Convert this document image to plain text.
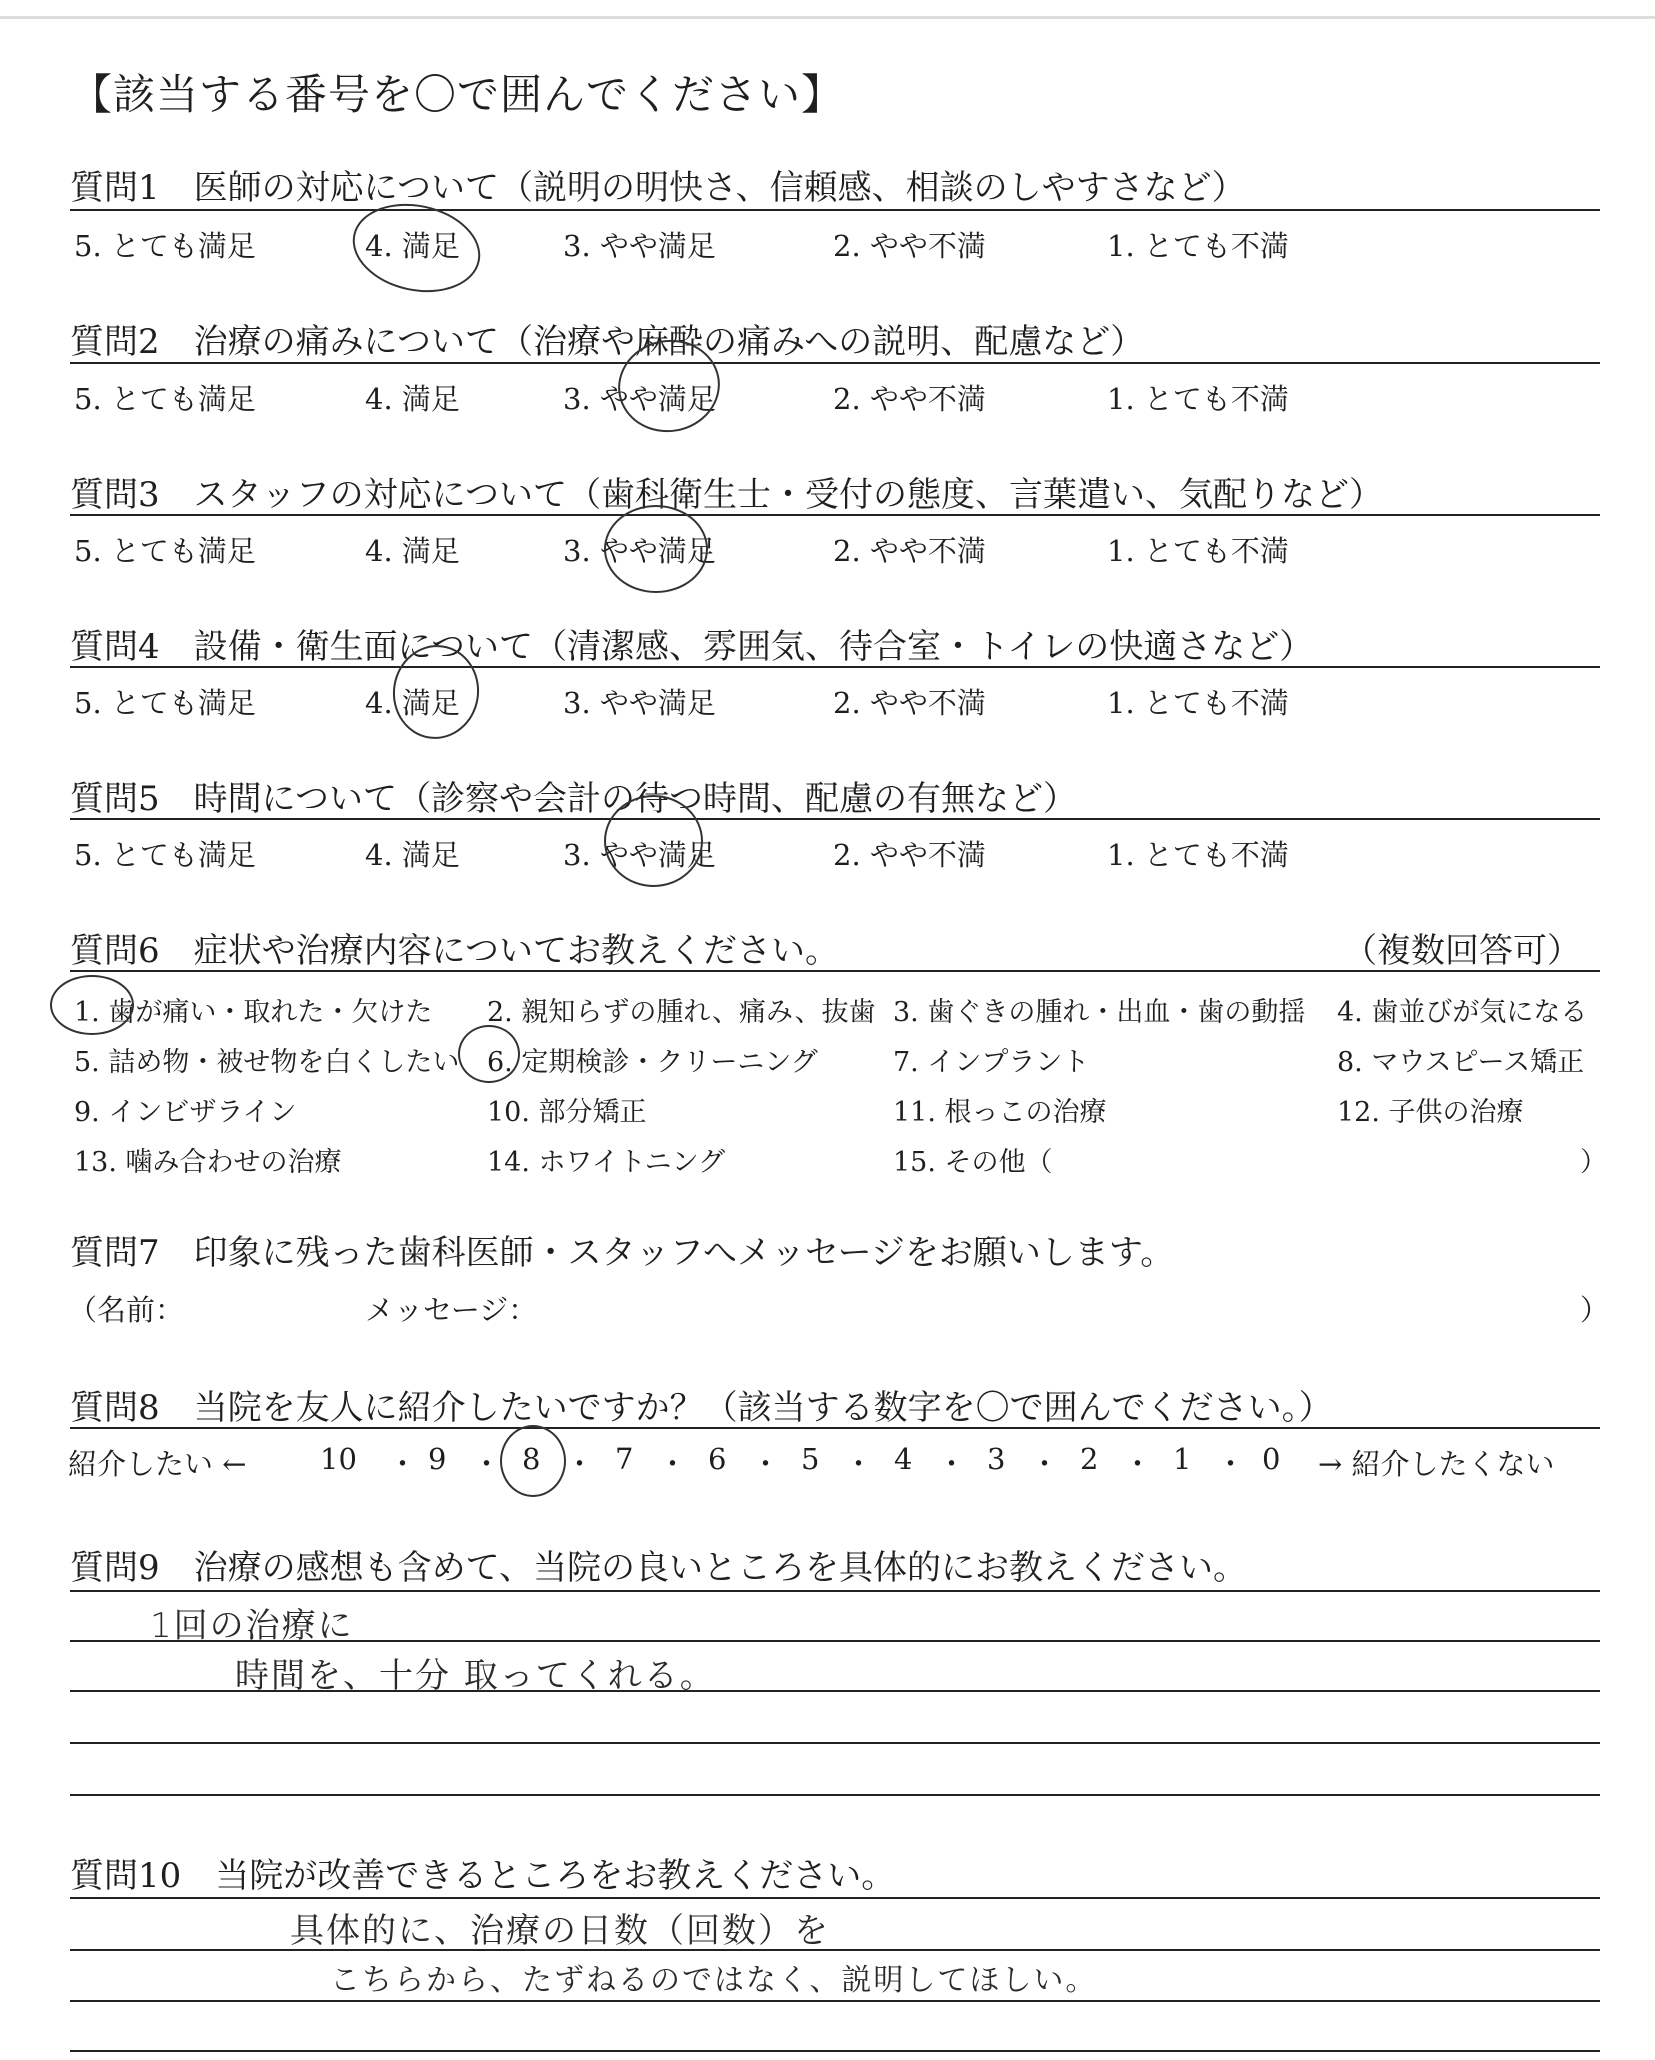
【該当する番号を〇で囲んでください】
質問1　 医師の対応について（説明の明快さ、信頼感、相談のしやすさなど）
5. とても満足	4. 満足	3. やや満足	2. やや不満	1. とても不満
質問2　 治療の痛みについて（治療や麻酔の痛みへの説明、配慮など）
5. とても満足	4. 満足	3. やや満足	2. やや不満	1. とても不満
質問3　 スタッフの対応について（歯科衛生士・受付の態度、言葉遣い、気配りなど）
5. とても満足	4. 満足	3. やや満足	2. やや不満	1. とても不満
質問4　 設備・衛生面について（清潔感、雰囲気、待合室・トイレの快適さなど）
5. とても満足	4. 満足	3. やや満足	2. やや不満	1. とても不満
質問5　 時間について（診察や会計の待つ時間、配慮の有無など）
5. とても満足	4. 満足	3. やや満足	2. やや不満	1. とても不満
質問6　 症状や治療内容についてお教えください。	（複数回答可）
1. 歯が痛い・取れた・欠けた 2. 親知らずの腫れ、痛み、抜歯 3. 歯ぐきの腫れ・出血・歯の動揺 4. 歯並びが気になる
5. 詰め物・被せ物を白くしたい 6. 定期検診・クリーニング	7. インプラント	8. マウスピース矯正
9. インビザライン	10. 部分矯正	11. 根っこの治療	12. 子供の治療
13. 噛み合わせの治療	14. ホワイトニング	15. その他（	）
質問7　 印象に残った歯科医師・スタッフへメッセージをお願いします。
（名前：	メッセージ：	）
質問8　 当院を友人に紹介したいですか？（該当する数字を〇で囲んでください。）
紹介したい ←	→ 紹介したくない
10 ・ 9 ・ 8 ・ 7 ・ 6 ・ 5 ・ 4 ・ 3 ・ 2 ・ 1 ・ 0
質問9　 治療の感想も含めて、当院の良いところを具体的にお教えください。
1回の治療に
時間を、十分 取ってくれる。
質問10　 当院が改善できるところをお教えください。
具体的に、治療の日数（回数）を
こちらから、たずねるのではなく、説明してほしい。
